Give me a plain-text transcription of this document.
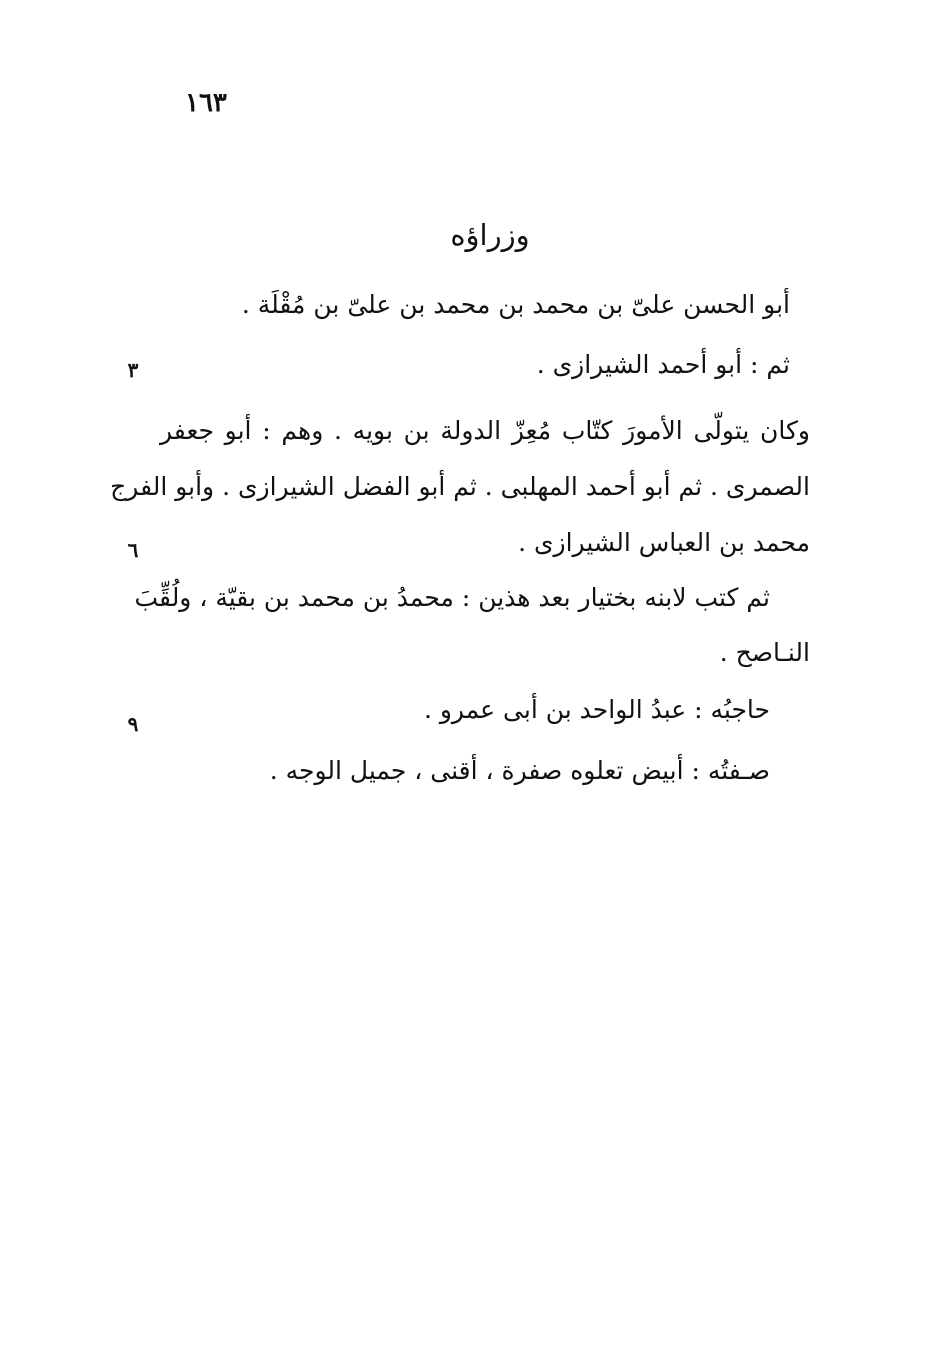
١٦٣
وزراؤه
أبو الحسن علىّ بن محمد بن محمد بن علىّ بن مُقْلَة .
ثم : أبو أحمد الشيرازى .
٣
وكان يتولّى الأمورَ كتّاب مُعِزّ الدولة بن بويه . وهم : أبو جعفر
الصمرى . ثم أبو أحمد المهلبى . ثم أبو الفضل الشيرازى . وأبو الفرج
محمد بن العباس الشيرازى .
٦
ثم كتب لابنه بختيار بعد هذين : محمدُ بن محمد بن بقيّة ، ولُقِّبَ
النـاصح .
حاجبُه : عبدُ الواحد بن أبى عمرو .
٩
صـفتُه : أبيض تعلوه صفرة ، أقنى ، جميل الوجه .
